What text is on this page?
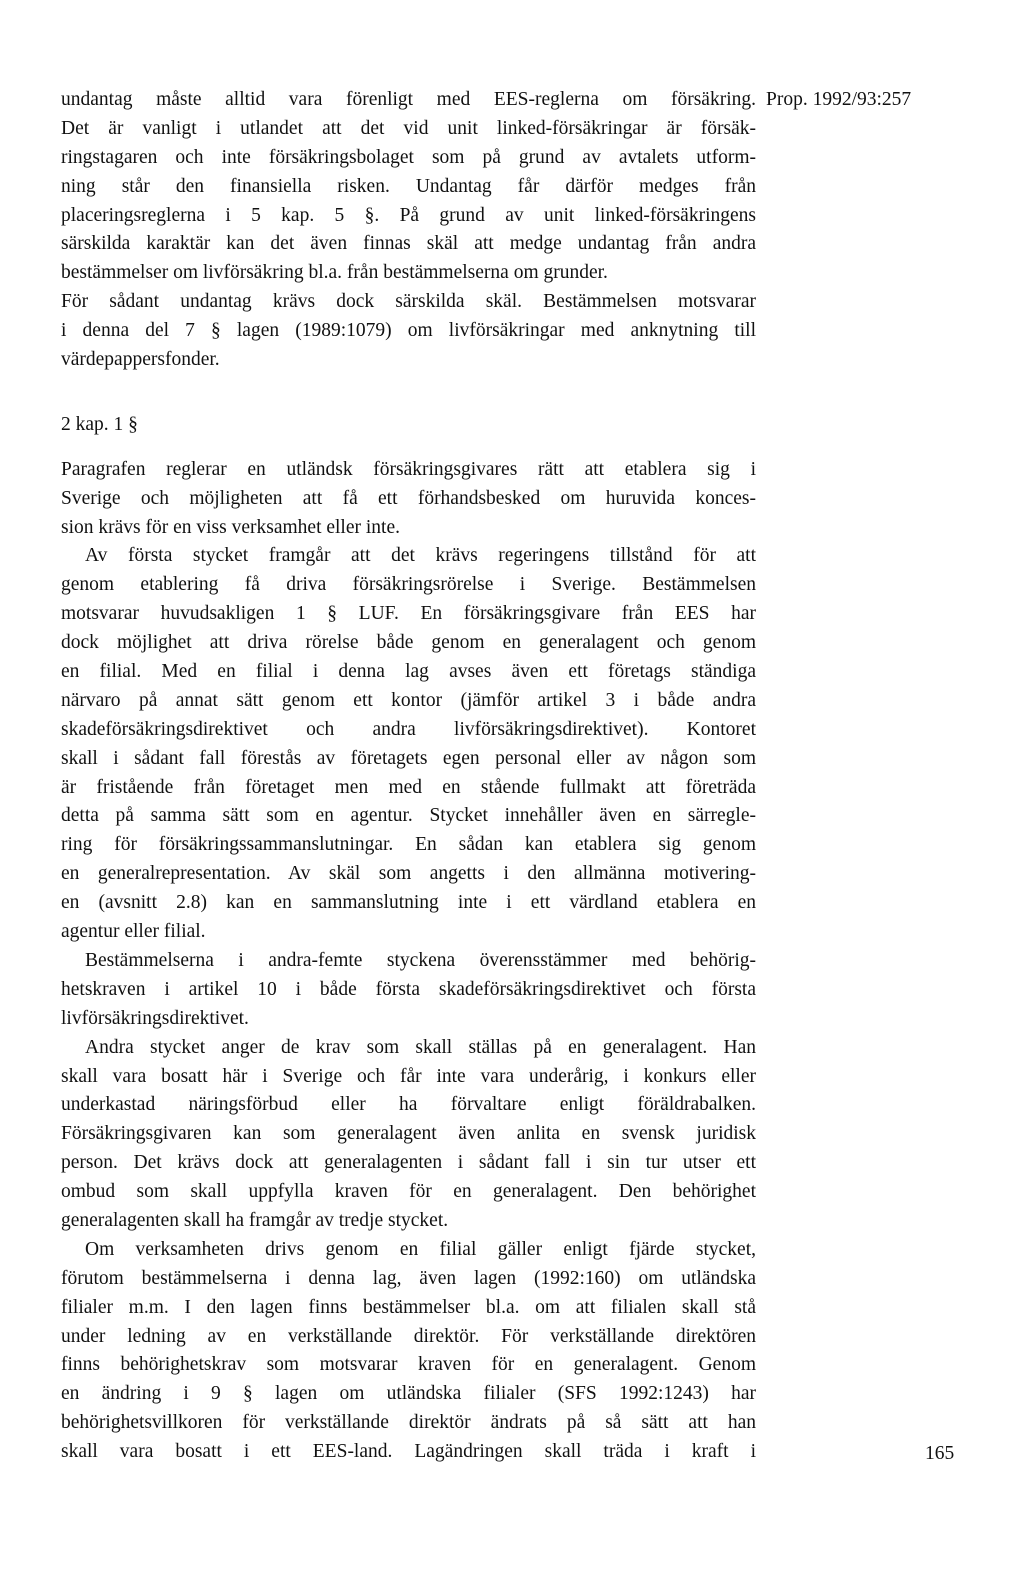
Prop. 1992/93:257
undantag måste alltid vara förenligt med EES-reglerna om försäkring.
Det är vanligt i utlandet att det vid unit linked-försäkringar är försäk-
ringstagaren och inte försäkringsbolaget som på grund av avtalets utform-
ning står den finansiella risken. Undantag får därför medges från
placeringsreglerna i 5 kap. 5 §. På grund av unit linked-försäkringens
särskilda karaktär kan det även finnas skäl att medge undantag från andra
bestämmelser om livförsäkring bl.a. från bestämmelserna om grunder.
För sådant undantag krävs dock särskilda skäl. Bestämmelsen motsvarar
i denna del 7 § lagen (1989:1079) om livförsäkringar med anknytning till
värdepappersfonder.
2 kap. 1 §
Paragrafen reglerar en utländsk försäkringsgivares rätt att etablera sig i
Sverige och möjligheten att få ett förhandsbesked om huruvida konces-
sion krävs för en viss verksamhet eller inte.
Av första stycket framgår att det krävs regeringens tillstånd för att
genom etablering få driva försäkringsrörelse i Sverige. Bestämmelsen
motsvarar huvudsakligen 1 § LUF. En försäkringsgivare från EES har
dock möjlighet att driva rörelse både genom en generalagent och genom
en filial. Med en filial i denna lag avses även ett företags ständiga
närvaro på annat sätt genom ett kontor (jämför artikel 3 i både andra
skadeförsäkringsdirektivet och andra livförsäkringsdirektivet). Kontoret
skall i sådant fall förestås av företagets egen personal eller av någon som
är fristående från företaget men med en stående fullmakt att företräda
detta på samma sätt som en agentur. Stycket innehåller även en särregle-
ring för försäkringssammanslutningar. En sådan kan etablera sig genom
en generalrepresentation. Av skäl som angetts i den allmänna motivering-
en (avsnitt 2.8) kan en sammanslutning inte i ett värdland etablera en
agentur eller filial.
Bestämmelserna i andra-femte styckena överensstämmer med behörig-
hetskraven i artikel 10 i både första skadeförsäkringsdirektivet och första
livförsäkringsdirektivet.
Andra stycket anger de krav som skall ställas på en generalagent. Han
skall vara bosatt här i Sverige och får inte vara underårig, i konkurs eller
underkastad näringsförbud eller ha förvaltare enligt föräldrabalken.
Försäkringsgivaren kan som generalagent även anlita en svensk juridisk
person. Det krävs dock att generalagenten i sådant fall i sin tur utser ett
ombud som skall uppfylla kraven för en generalagent. Den behörighet
generalagenten skall ha framgår av tredje stycket.
Om verksamheten drivs genom en filial gäller enligt fjärde stycket,
förutom bestämmelserna i denna lag, även lagen (1992:160) om utländska
filialer m.m. I den lagen finns bestämmelser bl.a. om att filialen skall stå
under ledning av en verkställande direktör. För verkställande direktören
finns behörighetskrav som motsvarar kraven för en generalagent. Genom
en ändring i 9 § lagen om utländska filialer (SFS 1992:1243) har
behörighetsvillkoren för verkställande direktör ändrats på så sätt att han
skall vara bosatt i ett EES-land. Lagändringen skall träda i kraft i	165
